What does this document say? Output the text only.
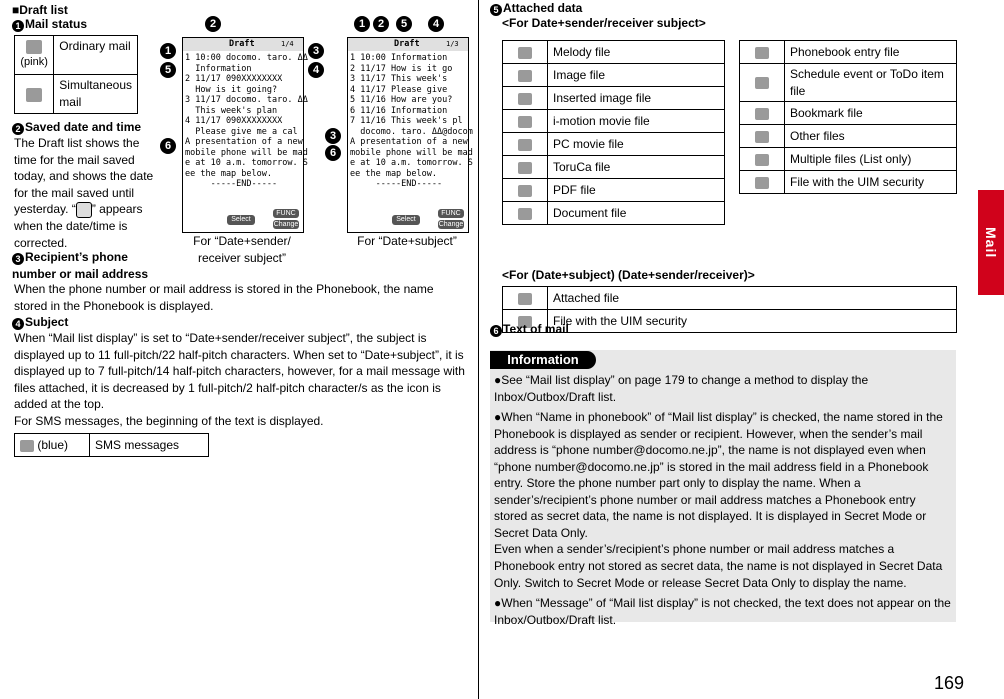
■Draft list
1 Mail status

(pink)	Ordinary mail
	Simultaneous mail
2 Saved date and time
The Draft list shows the time for the mail saved today, and shows the date for the mail saved until yesterday. “ ” appears when the date/time is corrected.
3 Recipient’s phone number or mail address
When the phone number or mail address is stored in the Phonebook, the name stored in the Phonebook is displayed.
4 Subject
When “Mail list display” is set to “Date+sender/receiver subject”, the subject is displayed up to 11 full-pitch/22 half-pitch characters. When set to “Date+subject”, it is displayed up to 7 full-pitch/14 half-pitch characters, however, for a mail message with files attached, it is decreased by 1 full-pitch/2 half-pitch character/s as the icon is added at the top.
For SMS messages, the beginning of the text is displayed.
(blue)	SMS messages
Draft	1/4
1 10:00 docomo. taro. ΔΔ
Information
2 11/17 090XXXXXXXX
How is it going?
3 11/17 docomo. taro. ΔΔ
This week's plan
4 11/17 090XXXXXXXX
Please give me a cal
A presentation of a new
mobile phone will be mad
e at 10 a.m. tomorrow. S
ee the map below.
-----END-----
Select
FUNC
Change
For “Date+sender/
receiver subject”
2
1
5
6
3
4
Draft	1/3
1 10:00 Information
2 11/17 How is it go
3 11/17 This week's
4 11/17 Please give
5 11/16 How are you?
6 11/16 Information
7 11/16 This week's pl
docomo. taro. ΔΔ@docom
A presentation of a new
mobile phone will be mad
e at 10 a.m. tomorrow. S
ee the map below.
-----END-----
Select
FUNC
Change
For “Date+subject”
1	2	5	4
3
6
5 Attached data
<For Date+sender/receiver subject>
	Melody file
	Image file
	Inserted image file
	i-motion movie file
	PC movie file
	ToruCa file
	PDF file
	Document file
	Phonebook entry file
	Schedule event or ToDo item file
	Bookmark file
	Other files
	Multiple files (List only)
	File with the UIM security
<For (Date+subject) (Date+sender/receiver)>
	Attached file
	File with the UIM security
6 Text of mail
Information
●See “Mail list display” on page 179 to change a method to display the Inbox/Outbox/Draft list.
●When “Name in phonebook” of “Mail list display” is checked, the name stored in the Phonebook is displayed as sender or recipient. However, when the sender’s mail address is “phone number@docomo.ne.jp”, the name is not displayed even when “phone number@docomo.ne.jp” is stored in the mail address field in a Phonebook entry. Store the phone number part only to display the name. When a sender’s/recipient’s phone number or mail address matches a Phonebook entry stored as secret data, the name is not displayed. It is displayed in Secret Mode or Secret Data Only.
Even when a sender’s/recipient’s phone number or mail address matches a Phonebook entry not stored as secret data, the name is not displayed in Secret Data Only. Switch to Secret Mode or release Secret Data Only to display the name.
●When “Message” of “Mail list display” is not checked, the text does not appear on the Inbox/Outbox/Draft list.
Mail
169
